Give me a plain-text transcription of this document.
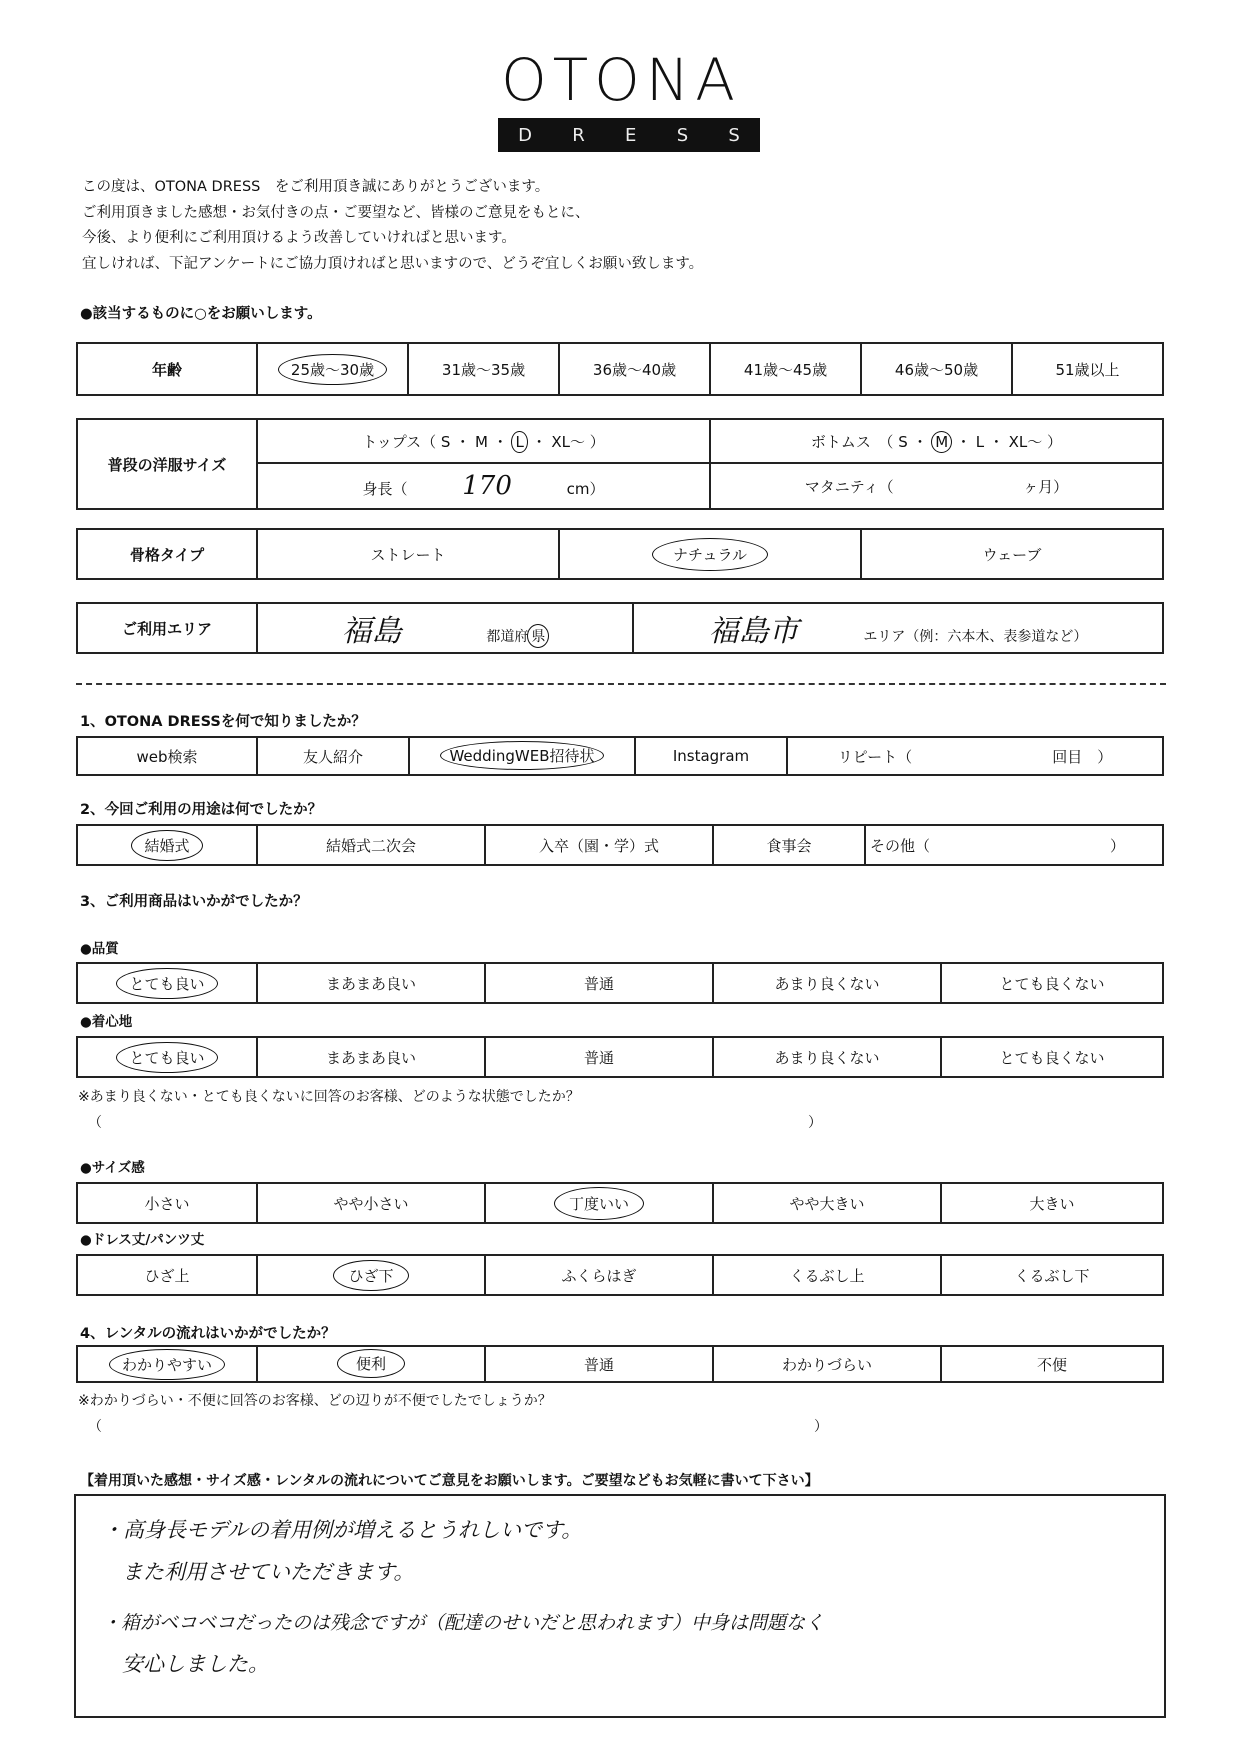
OTONA
D R E S S
この度は、OTONA DRESS　をご利用頂き誠にありがとうございます。
ご利用頂きました感想・お気付きの点・ご要望など、皆様のご意見をもとに、
今後、より便利にご利用頂けるよう改善していければと思います。
宜しければ、下記アンケートにご協力頂ければと思いますので、どうぞ宜しくお願い致します。
●該当するものに○をお願いします。
年齢	25歳〜30歳	31歳〜35歳	36歳〜40歳	41歳〜45歳	46歳〜50歳	51歳以上
普段の洋服サイズ	トップス（ S ・ M ・ L ・ XL〜 ）	ボトムス　（ S ・ M ・ L ・ XL〜 ）
	身長（ 170 cm）	マタニティ（ ヶ月）
骨格タイプ	ストレート	ナチュラル	ウェーブ
ご利用エリア	福島	都道府 県	福島市	エリア（例：六本木、表参道など）
1、OTONA DRESSを何で知りましたか？
web検索	友人紹介	WeddingWEB招待状	Instagram	リピート（	回目　）
2、今回ご利用の用途は何でしたか？
結婚式	結婚式二次会	入卒（園・学）式	食事会	その他（	）
3、ご利用商品はいかがでしたか？
●品質
とても良い	まあまあ良い	普通	あまり良くない	とても良くない
●着心地
とても良い	まあまあ良い	普通	あまり良くない	とても良くない
※あまり良くない・とても良くないに回答のお客様、どのような状態でしたか？
（	）
●サイズ感
小さい	やや小さい	丁度いい	やや大きい	大きい
●ドレス丈/パンツ丈
ひざ上	ひざ下	ふくらはぎ	くるぶし上	くるぶし下
4、レンタルの流れはいかがでしたか？
わかりやすい	便利	普通	わかりづらい	不便
※わかりづらい・不便に回答のお客様、どの辺りが不便でしたでしょうか？
（	）
【着用頂いた感想・サイズ感・レンタルの流れについてご意見をお願いします。ご要望などもお気軽に書いて下さい】
・高身長モデルの着用例が増えるとうれしいです。
また利用させていただきます。
・箱がベコベコだったのは残念ですが（配達のせいだと思われます）中身は問題なく
安心しました。
